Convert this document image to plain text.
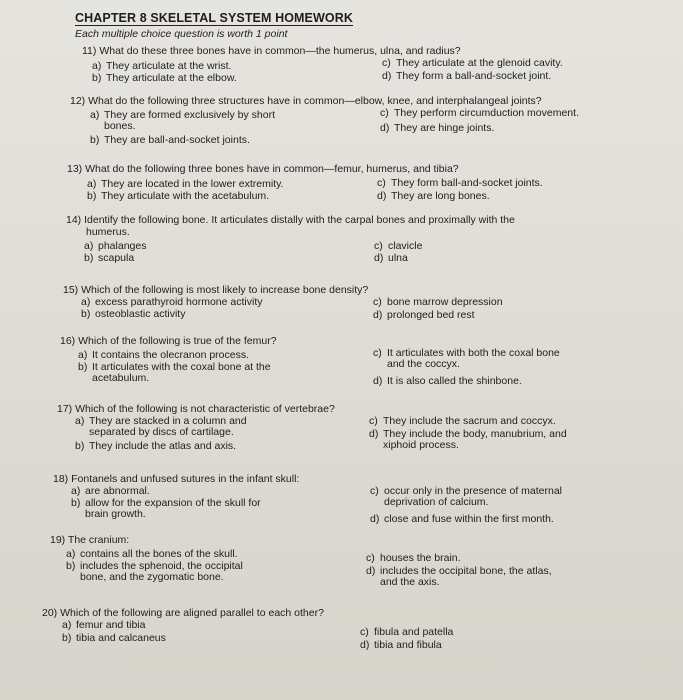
CHAPTER 8 SKELETAL SYSTEM HOMEWORK
Each multiple choice question is worth 1 point
11) What do these three bones have in common—the humerus, ulna, and radius?
a) They articulate at the wrist.
b) They articulate at the elbow.
c) They articulate at the glenoid cavity.
d) They form a ball-and-socket joint.
12) What do the following three structures have in common—elbow, knee, and interphalangeal joints?
a) They are formed exclusively by short
bones.
b) They are ball-and-socket joints.
c) They perform circumduction movement.
d) They are hinge joints.
13) What do the following three bones have in common—femur, humerus, and tibia?
a) They are located in the lower extremity.
b) They articulate with the acetabulum.
c) They form ball-and-socket joints.
d) They are long bones.
14) Identify the following bone. It articulates distally with the carpal bones and proximally with the
humerus.
a) phalanges
b) scapula
c) clavicle
d) ulna
15) Which of the following is most likely to increase bone density?
a) excess parathyroid hormone activity
b) osteoblastic activity
c) bone marrow depression
d) prolonged bed rest
16) Which of the following is true of the femur?
a) It contains the olecranon process.
b) It articulates with the coxal bone at the
acetabulum.
c) It articulates with both the coxal bone
and the coccyx.
d) It is also called the shinbone.
17) Which of the following is not characteristic of vertebrae?
a) They are stacked in a column and
separated by discs of cartilage.
b) They include the atlas and axis.
c) They include the sacrum and coccyx.
d) They include the body, manubrium, and
xiphoid process.
18) Fontanels and unfused sutures in the infant skull:
a) are abnormal.
b) allow for the expansion of the skull for
brain growth.
c) occur only in the presence of maternal
deprivation of calcium.
d) close and fuse within the first month.
19) The cranium:
a) contains all the bones of the skull.
b) includes the sphenoid, the occipital
bone, and the zygomatic bone.
c) houses the brain.
d) includes the occipital bone, the atlas,
and the axis.
20) Which of the following are aligned parallel to each other?
a) femur and tibia
b) tibia and calcaneus	c) fibula and patella
d) tibia and fibula
